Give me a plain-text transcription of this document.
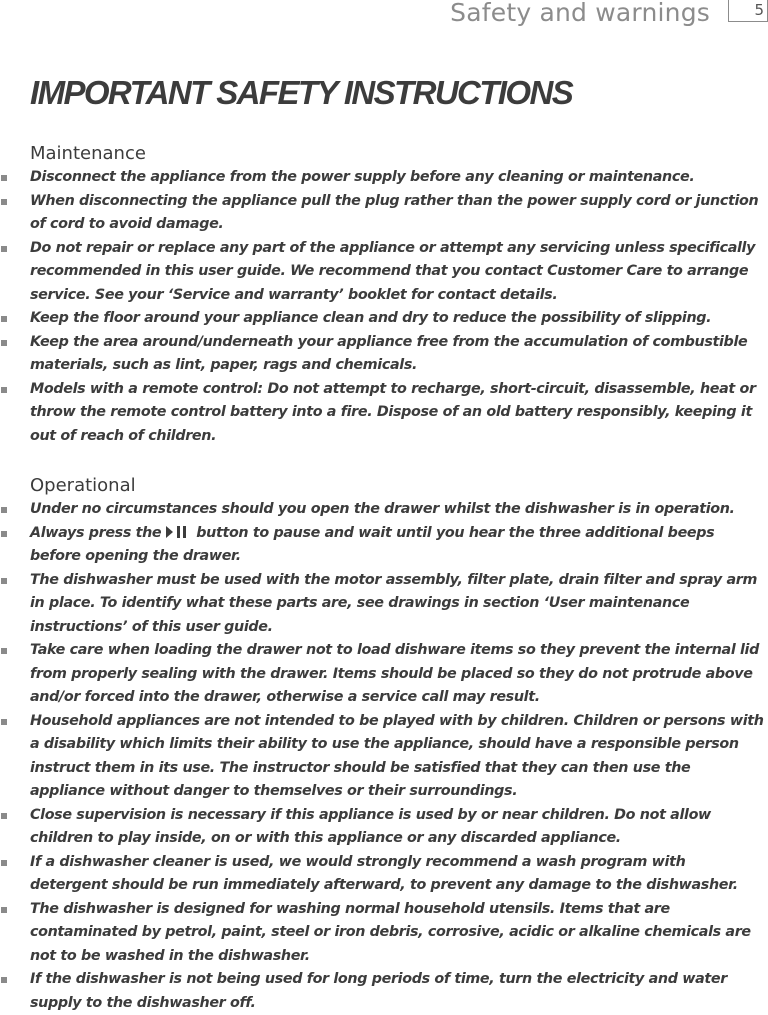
Safety and warnings	5
IMPORTANT SAFETY INSTRUCTIONS
Maintenance
Disconnect the appliance from the power supply before any cleaning or maintenance.
When disconnecting the appliance pull the plug rather than the power supply cord or junction of cord to avoid damage.
Do not repair or replace any part of the appliance or attempt any servicing unless specifically recommended in this user guide. We recommend that you contact Customer Care to arrange service. See your ‘Service and warranty’ booklet for contact details.
Keep the floor around your appliance clean and dry to reduce the possibility of slipping.
Keep the area around/underneath your appliance free from the accumulation of combustible materials, such as lint, paper, rags and chemicals.
Models with a remote control: Do not attempt to recharge, short-circuit, disassemble, heat or throw the remote control battery into a fire. Dispose of an old battery responsibly, keeping it out of reach of children.
Operational
Under no circumstances should you open the drawer whilst the dishwasher is in operation.
Always press the button to pause and wait until you hear the three additional beeps before opening the drawer.
The dishwasher must be used with the motor assembly, filter plate, drain filter and spray arm in place. To identify what these parts are, see drawings in section ‘User maintenance instructions’ of this user guide.
Take care when loading the drawer not to load dishware items so they prevent the internal lid from properly sealing with the drawer. Items should be placed so they do not protrude above and/or forced into the drawer, otherwise a service call may result.
Household appliances are not intended to be played with by children. Children or persons with a disability which limits their ability to use the appliance, should have a responsible person instruct them in its use. The instructor should be satisfied that they can then use the appliance without danger to themselves or their surroundings.
Close supervision is necessary if this appliance is used by or near children. Do not allow children to play inside, on or with this appliance or any discarded appliance.
If a dishwasher cleaner is used, we would strongly recommend a wash program with detergent should be run immediately afterward, to prevent any damage to the dishwasher.
The dishwasher is designed for washing normal household utensils. Items that are contaminated by petrol, paint, steel or iron debris, corrosive, acidic or alkaline chemicals are not to be washed in the dishwasher.
If the dishwasher is not being used for long periods of time, turn the electricity and water supply to the dishwasher off.
